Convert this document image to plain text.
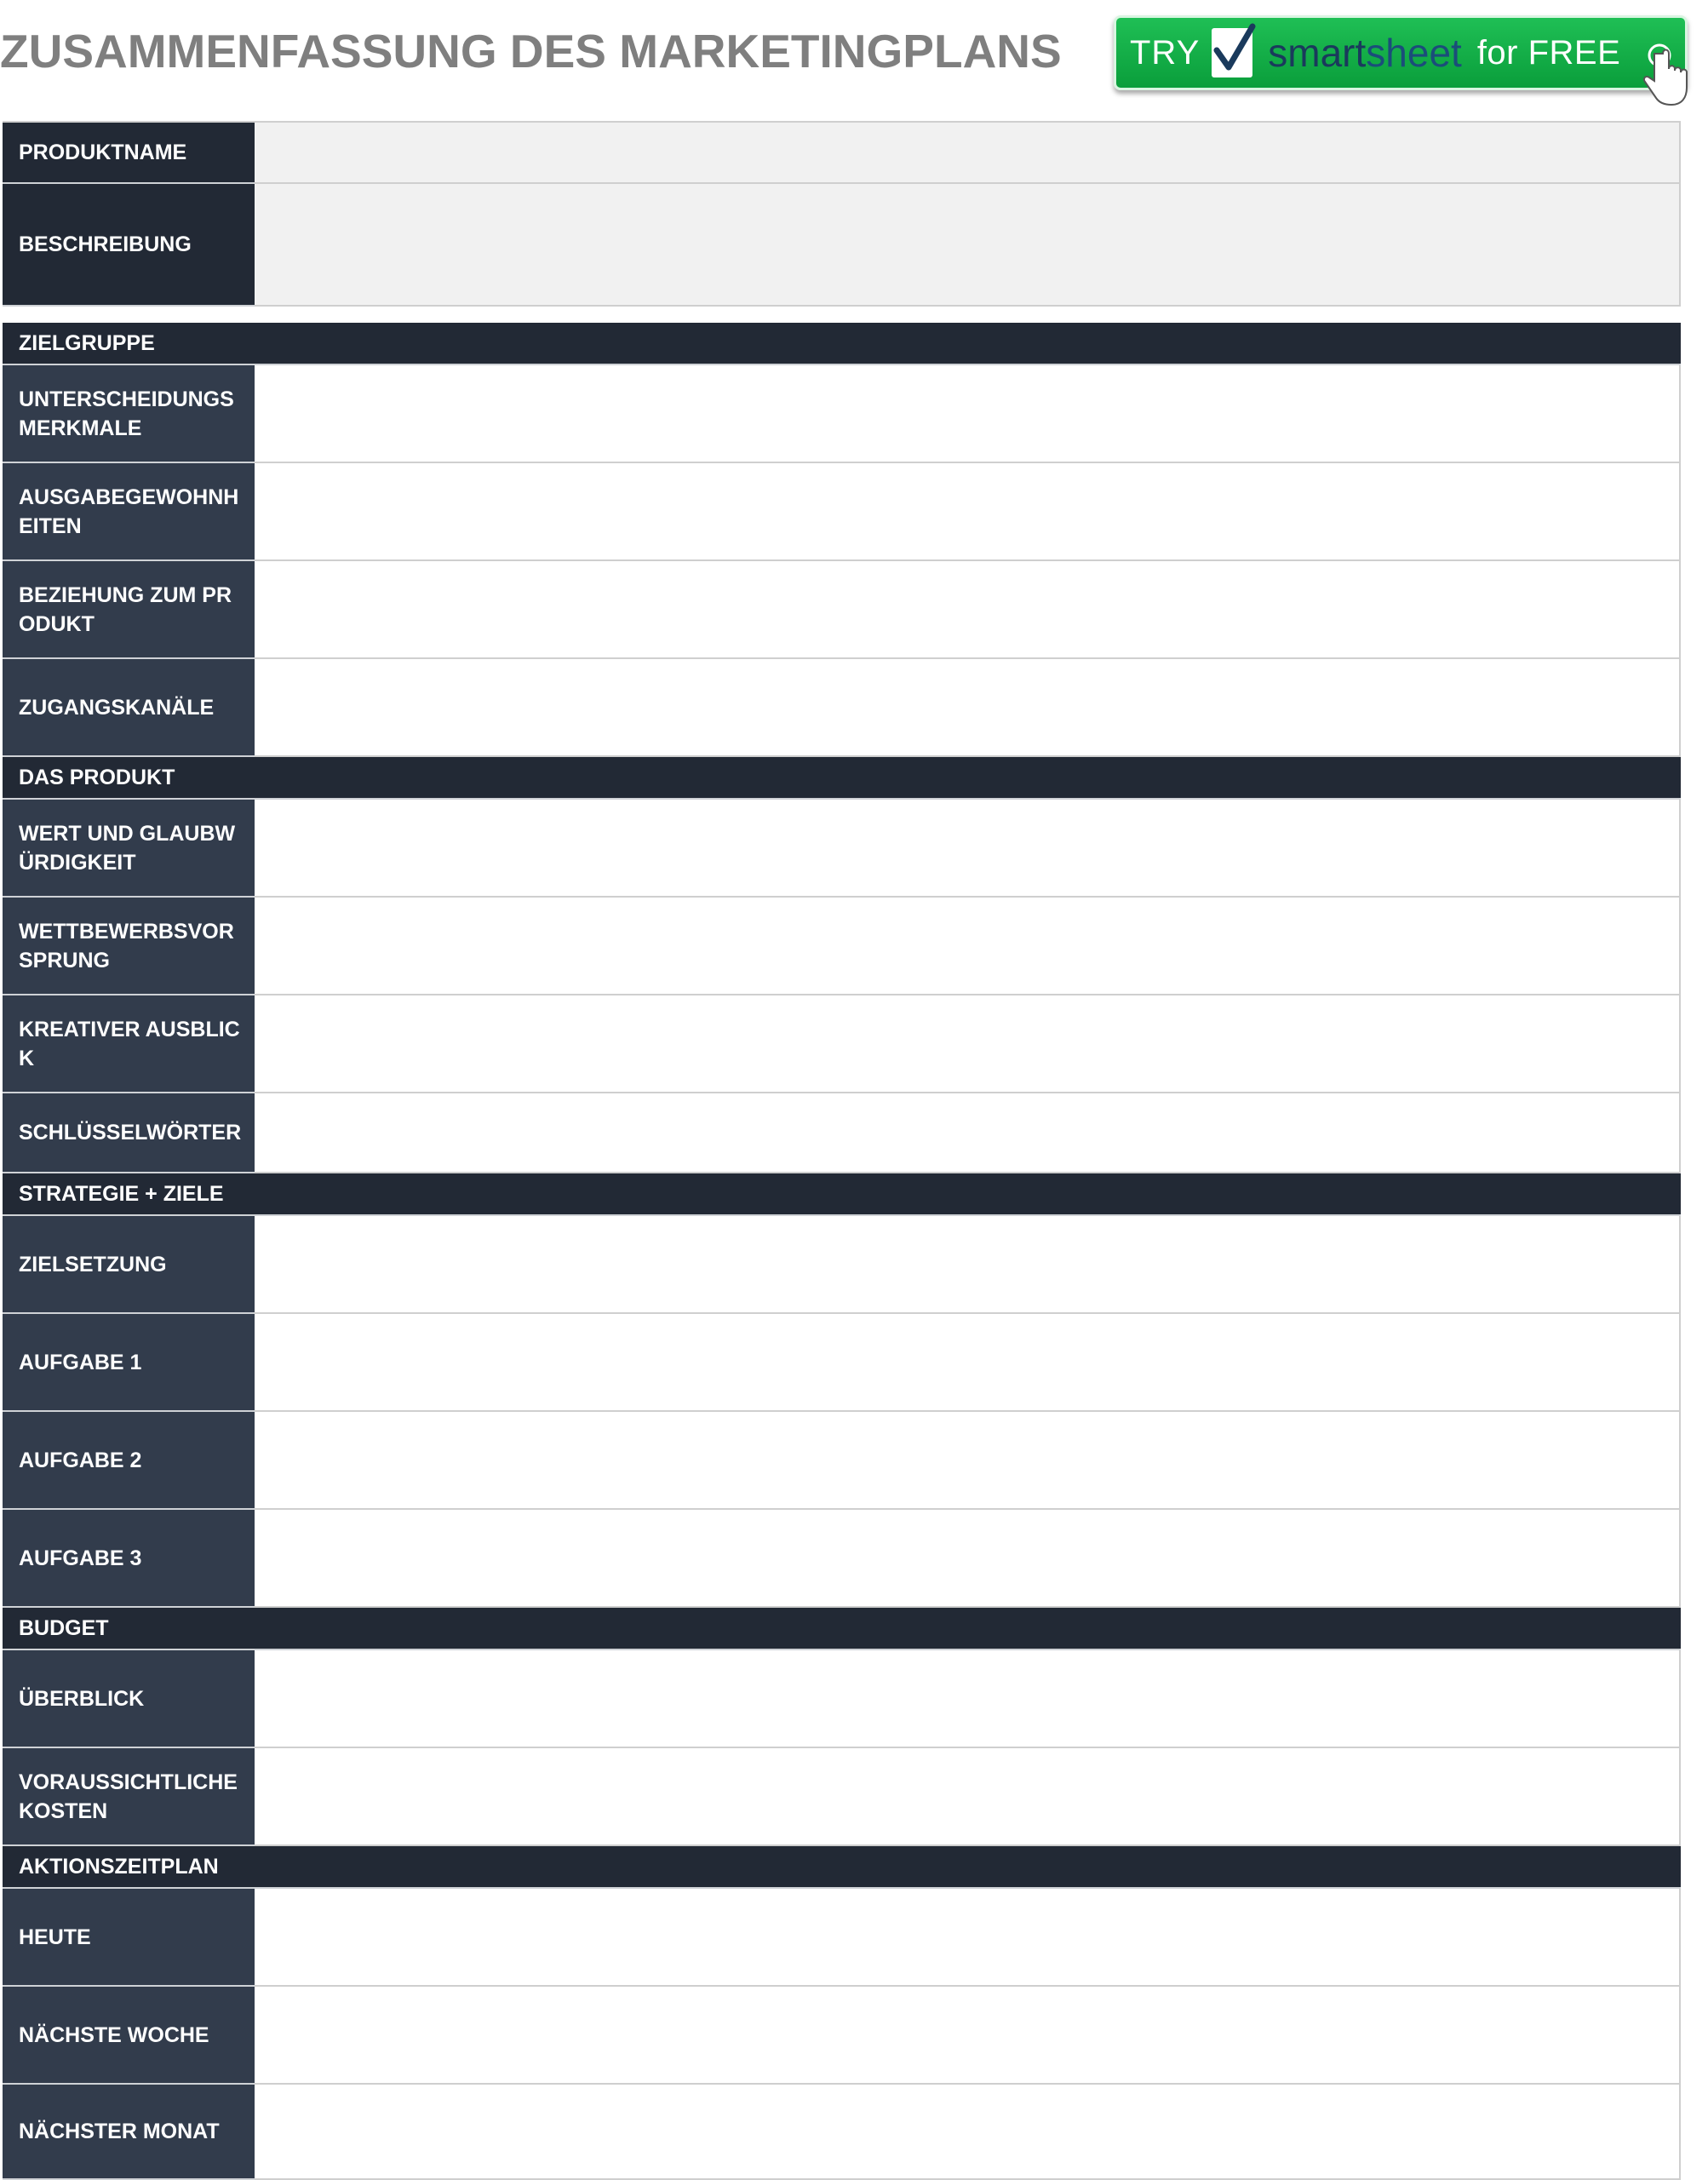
ZUSAMMENFASSUNG DES MARKETINGPLANS TRY smartsheet for FREE
PRODUKTNAME
BESCHREIBUNG
ZIELGRUPPE
UNTERSCHEIDUNGSMERKMALE
AUSGABEGEWOHNHEITEN
BEZIEHUNG ZUM PRODUKT
ZUGANGSKANÄLE
DAS PRODUKT
WERT UND GLAUBWÜRDIGKEIT
WETTBEWERBSVORSPRUNG
KREATIVER AUSBLICK
SCHLÜSSELWÖRTER
STRATEGIE + ZIELE
ZIELSETZUNG
AUFGABE 1
AUFGABE 2
AUFGABE 3
BUDGET
ÜBERBLICK
VORAUSSICHTLICHE KOSTEN
AKTIONSZEITPLAN
HEUTE
NÄCHSTE WOCHE
NÄCHSTER MONAT
